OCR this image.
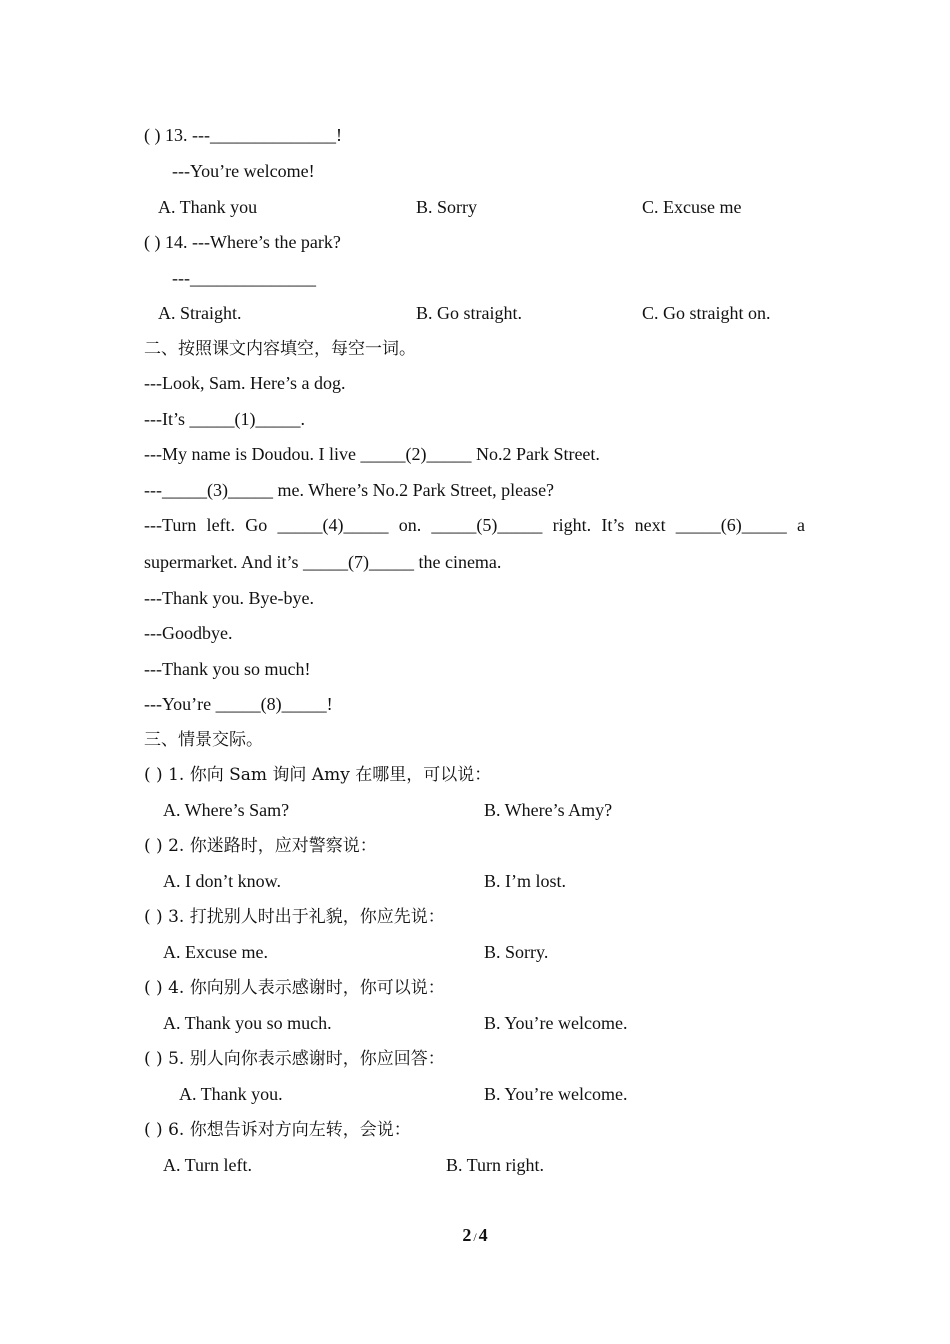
( ) 13. ---______________!
---You’re welcome!
A. Thank you	B. Sorry	C. Excuse me
( ) 14. ---Where’s the park?
---______________
A. Straight.	B. Go straight.	C. Go straight on.
二、按照课文内容填空，每空一词。
---Look, Sam. Here’s a dog.
---It’s _____(1)_____.
---My name is Doudou. I live _____(2)_____ No.2 Park Street.
---_____(3)_____ me. Where’s No.2 Park Street, please?
---Turn left. Go _____(4)_____ on. _____(5)_____ right. It’s next _____(6)_____ a
supermarket. And it’s _____(7)_____ the cinema.
---Thank you. Bye-bye.
---Goodbye.
---Thank you so much!
---You’re _____(8)_____!
三、情景交际。
( ) 1. 你向 Sam 询问 Amy 在哪里，可以说：
A. Where’s Sam?	B. Where’s Amy?
( ) 2. 你迷路时，应对警察说：
A. I don’t know.	B. I’m lost.
( ) 3. 打扰别人时出于礼貌，你应先说：
A. Excuse me.	B. Sorry.
( ) 4. 你向别人表示感谢时，你可以说：
A. Thank you so much.	B. You’re welcome.
( ) 5. 别人向你表示感谢时，你应回答：
A. Thank you.	B. You’re welcome.
( ) 6. 你想告诉对方向左转，会说：
A. Turn left.	B. Turn right.
2 / 4
